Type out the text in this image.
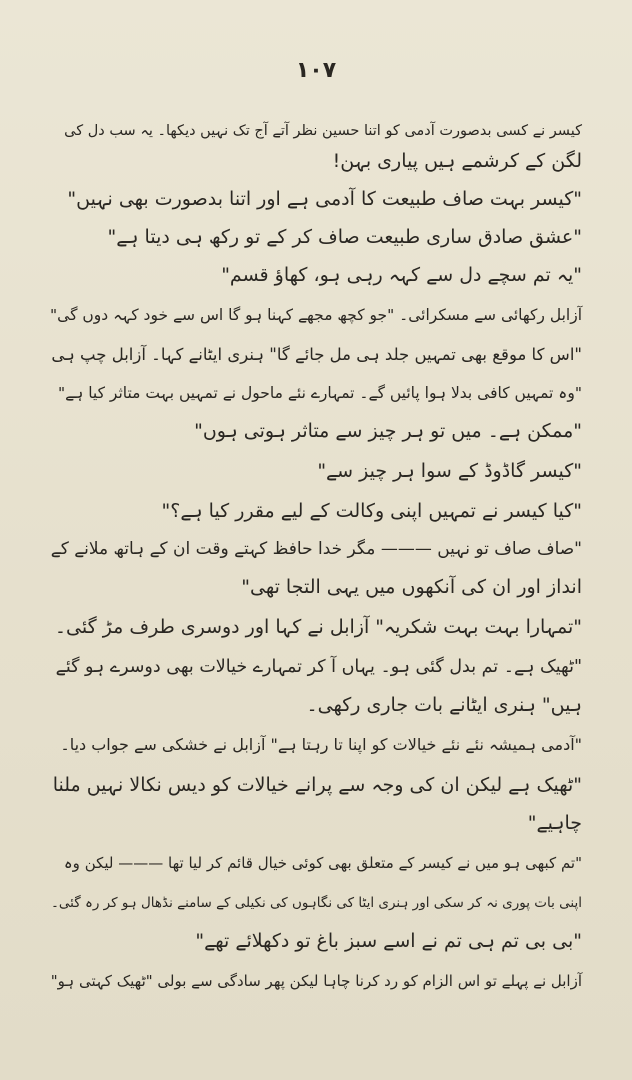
۱۰۷
کیسر نے کسی بدصورت آدمی کو اتنا حسین نظر آتے آج تک نہیں دیکھا۔ یہ سب دل کی
لگن کے کرشمے ہیں پیاری بہن!
"کیسر بہت صاف طبیعت کا آدمی ہے اور اتنا بدصورت بھی نہیں"
"عشق صادق ساری طبیعت صاف کر کے تو رکھ ہی دیتا ہے"
"یہ تم سچے دل سے کہہ رہی ہو، کھاؤ قسم"
آزابل رکھائی سے مسکرائی۔ "جو کچھ مجھے کہنا ہو گا اس سے خود کہہ دوں گی"
"اس کا موقع بھی تمہیں جلد ہی مل جائے گا" ہنری ایٹانے کہا۔ آزابل چپ ہی
"وہ تمہیں کافی بدلا ہوا پائیں گے۔ تمہارے نئے ماحول نے تمہیں بہت متاثر کیا ہے"
"ممکن ہے۔ میں تو ہر چیز سے متاثر ہوتی ہوں"
"کیسر گاڈوڈ کے سوا ہر چیز سے"
"کیا کیسر نے تمہیں اپنی وکالت کے لیے مقرر کیا ہے؟"
"صاف صاف تو نہیں ——— مگر خدا حافظ کہتے وقت ان کے ہاتھ ملانے کے
انداز اور ان کی آنکھوں میں یہی التجا تھی"
"تمہارا بہت بہت شکریہ" آزابل نے کہا اور دوسری طرف مڑ گئی۔
"ٹھیک ہے۔ تم بدل گئی ہو۔ یہاں آ کر تمہارے خیالات بھی دوسرے ہو گئے
ہیں" ہنری ایٹانے بات جاری رکھی۔
"آدمی ہمیشہ نئے نئے خیالات کو اپنا تا رہتا ہے" آزابل نے خشکی سے جواب دیا۔
"ٹھیک ہے لیکن ان کی وجہ سے پرانے خیالات کو دیس نکالا نہیں ملنا
چاہیے"
"تم کبھی ہو میں نے کیسر کے متعلق بھی کوئی خیال قائم کر لیا تھا ——— لیکن وہ
اپنی بات پوری نہ کر سکی اور ہنری ایٹا کی نگاہوں کی نکیلی کے سامنے نڈھال ہو کر رہ گئی۔
"بی بی تم ہی تم نے اسے سبز باغ تو دکھلائے تھے"
آزابل نے پہلے تو اس الزام کو رد کرنا چاہا لیکن پھر سادگی سے بولی "ٹھیک کہتی ہو"
